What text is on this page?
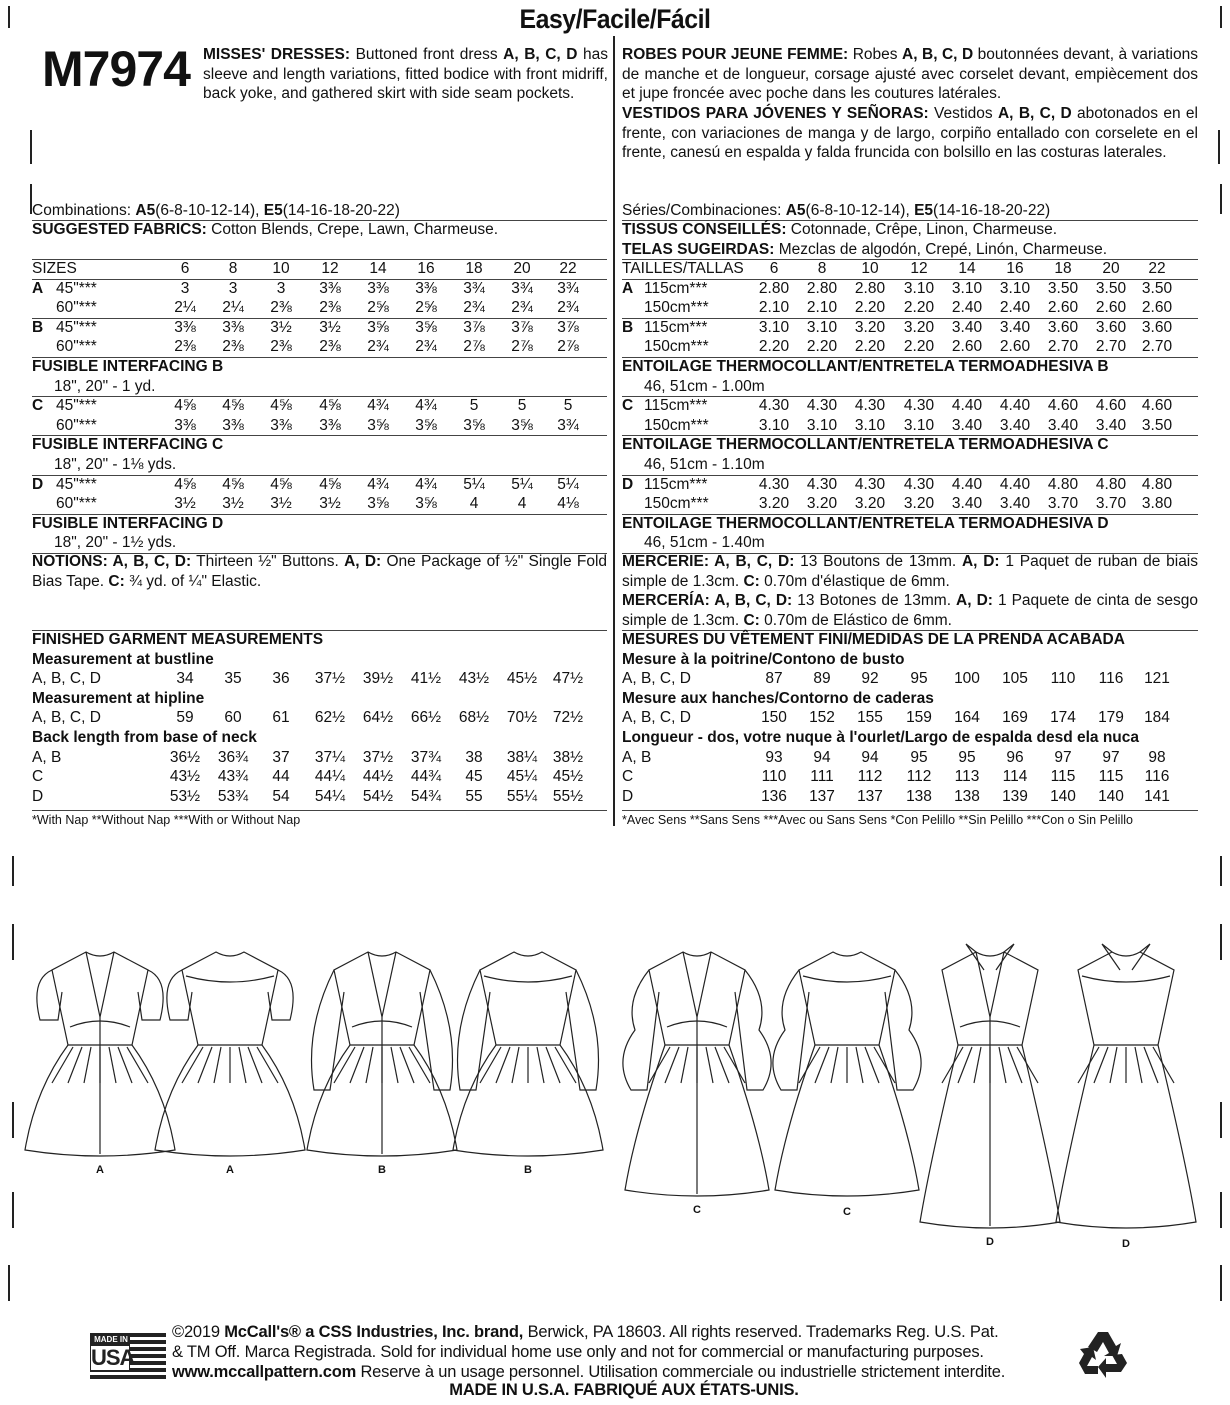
Easy/Facile/Fácil
M7974 MISSES' DRESSES: Buttoned front dress A, B, C, D has sleeve and length variations, fitted bodice with front midriff, back yoke, and gathered skirt with side seam pockets.
ROBES POUR JEUNE FEMME: Robes A, B, C, D boutonnées devant, à variations de manche et de longueur, corsage ajusté avec corselet devant, empiècement dos et jupe froncée avec poche dans les coutures latérales.
VESTIDOS PARA JÓVENES Y SEÑORAS: Vestidos A, B, C, D abotonados en el frente, con variaciones de manga y de largo, corpiño entallado con corselete en el frente, canesú en espalda y falda fruncida con bolsillo en las costuras laterales.
Combinations: A5(6-8-10-12-14), E5(14-16-18-20-22)
SUGGESTED FABRICS: Cotton Blends, Crepe, Lawn, Charmeuse.
Séries/Combinaciones: A5(6-8-10-12-14), E5(14-16-18-20-22)
TISSUS CONSEILLÉS: Cotonnade, Crêpe, Linon, Charmeuse.
TELAS SUGEIRDAS: Mezclas de algodón, Crepé, Linón, Charmeuse.
SIZES	6	8	10	12	14	16	18	20	22
A 45"***	3	3	3	3⅜	3⅜	3⅜	3¾	3¾	3¾
60"***	2¼	2¼	2⅜	2⅜	2⅝	2⅝	2¾	2¾	2¾
B 45"***	3⅜	3⅜	3½	3½	3⅝	3⅝	3⅞	3⅞	3⅞
60"***	2⅜	2⅜	2⅜	2⅜	2¾	2¾	2⅞	2⅞	2⅞
FUSIBLE INTERFACING B
18", 20" - 1 yd.
C 45"***	4⅝	4⅝	4⅝	4⅝	4¾	4¾	5	5	5
60"***	3⅜	3⅜	3⅜	3⅜	3⅝	3⅝	3⅝	3⅝	3¾
FUSIBLE INTERFACING C
18", 20" - 1⅛ yds.
D 45"***	4⅝	4⅝	4⅝	4⅝	4¾	4¾	5¼	5¼	5¼
60"***	3½	3½	3½	3½	3⅝	3⅝	4	4	4⅛
FUSIBLE INTERFACING D
18", 20" - 1½ yds.
TAILLES/TALLAS	6	8	10	12	14	16	18	20	22
A 115cm***	2.80	2.80	2.80	3.10	3.10	3.10	3.50	3.50	3.50
150cm***	2.10	2.10	2.20	2.20	2.40	2.40	2.60	2.60	2.60
B 115cm***	3.10	3.10	3.20	3.20	3.40	3.40	3.60	3.60	3.60
150cm***	2.20	2.20	2.20	2.20	2.60	2.60	2.70	2.70	2.70
ENTOILAGE THERMOCOLLANT/ENTRETELA TERMOADHESIVA B
46, 51cm - 1.00m
C 115cm***	4.30	4.30	4.30	4.30	4.40	4.40	4.60	4.60	4.60
150cm***	3.10	3.10	3.10	3.10	3.40	3.40	3.40	3.40	3.50
ENTOILAGE THERMOCOLLANT/ENTRETELA TERMOADHESIVA C
46, 51cm - 1.10m
D 115cm***	4.30	4.30	4.30	4.30	4.40	4.40	4.80	4.80	4.80
150cm***	3.20	3.20	3.20	3.20	3.40	3.40	3.70	3.70	3.80
ENTOILAGE THERMOCOLLANT/ENTRETELA TERMOADHESIVA D
46, 51cm - 1.40m
NOTIONS: A, B, C, D: Thirteen ½" Buttons. A, D: One Package of ½" Single Fold Bias Tape. C: ¾ yd. of ¼" Elastic.
MERCERIE: A, B, C, D: 13 Boutons de 13mm. A, D: 1 Paquet de ruban de biais simple de 1.3cm. C: 0.70m d'élastique de 6mm.
MERCERÍA: A, B, C, D: 13 Botones de 13mm. A, D: 1 Paquete de cinta de sesgo simple de 1.3cm. C: 0.70m de Elástico de 6mm.
FINISHED GARMENT MEASUREMENTS
Measurement at bustline
A, B, C, D	34	35	36	37½	39½	41½	43½	45½	47½
Measurement at hipline
A, B, C, D	59	60	61	62½	64½	66½	68½	70½	72½
Back length from base of neck
A, B	36½	36¾	37	37¼	37½	37¾	38	38¼	38½
C	43½	43¾	44	44¼	44½	44¾	45	45¼	45½
D	53½	53¾	54	54¼	54½	54¾	55	55¼	55½
*With Nap **Without Nap ***With or Without Nap
MESURES DU VÊTEMENT FINI/MEDIDAS DE LA PRENDA ACABADA
Mesure à la poitrine/Contono de busto
A, B, C, D	87	89	92	95	100	105	110	116	121
Mesure aux hanches/Contorno de caderas
A, B, C, D	150	152	155	159	164	169	174	179	184
Longueur - dos, votre nuque à l'ourlet/Largo de espalda desd ela nuca
A, B	93	94	94	95	95	96	97	97	98
C	110	111	112	112	113	114	115	115	116
D	136	137	137	138	138	139	140	140	141
*Avec Sens **Sans Sens ***Avec ou Sans Sens *Con Pelillo **Sin Pelillo ***Con o Sin Pelillo
A	A	B	B
C	C
D	D
MADE IN
USA
©2019 McCall's® a CSS Industries, Inc. brand, Berwick, PA 18603. All rights reserved. Trademarks Reg. U.S. Pat.
& TM Off. Marca Registrada. Sold for individual home use only and not for commercial or manufacturing purposes.
www.mccallpattern.com Reserve à un usage personnel. Utilisation commerciale ou industrielle strictement interdite.
MADE IN U.S.A. FABRIQUÉ AUX ÉTATS-UNIS.
